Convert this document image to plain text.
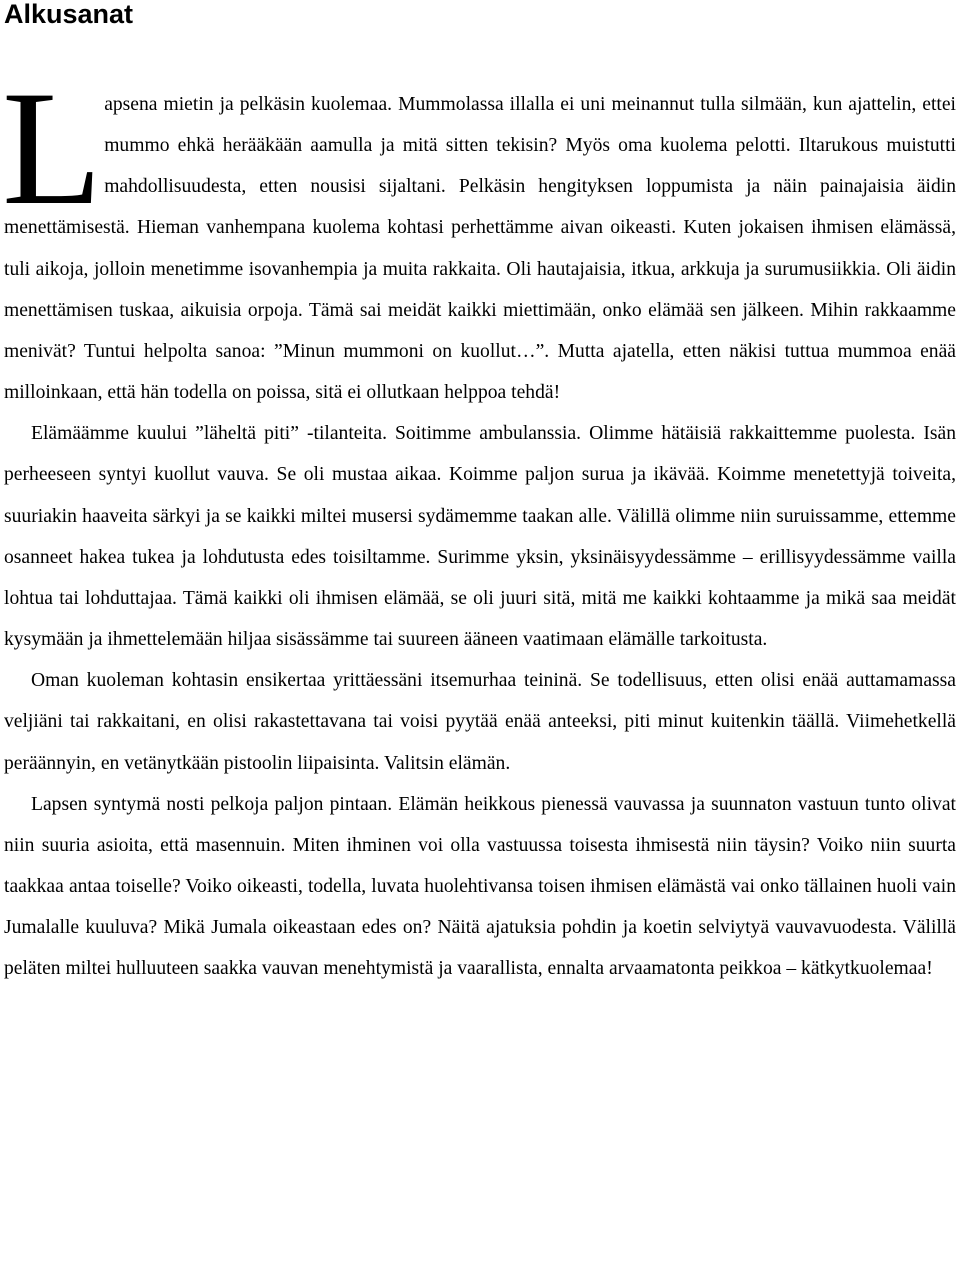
Alkusanat

Lapsena mietin ja pelkäsin kuolemaa. Mummolassa illalla ei uni meinannut tulla silmään, kun ajattelin, ettei mummo ehkä herääkään aamulla ja mitä sitten tekisin? Myös oma kuolema pelotti. Iltarukous muistutti mahdollisuudesta, etten nousisi sijaltani. Pelkäsin hengityksen loppumista ja näin painajaisia äidin menettämisestä. Hieman vanhempana kuolema kohtasi perhettämme aivan oikeasti. Kuten jokaisen ihmisen elämässä, tuli aikoja, jolloin menetimme isovanhempia ja muita rakkaita. Oli hautajaisia, itkua, arkkuja ja surumusiikkia. Oli äidin menettämisen tuskaa, aikuisia orpoja. Tämä sai meidät kaikki miettimään, onko elämää sen jälkeen. Mihin rakkaamme menivät? Tuntui helpolta sanoa: ”Minun mummoni on kuollut…”. Mutta ajatella, etten näkisi tuttua mummoa enää milloinkaan, että hän todella on poissa, sitä ei ollutkaan helppoa tehdä!

Elämäämme kuului ”läheltä piti” -tilanteita. Soitimme ambulanssia. Olimme hätäisiä rakkaittemme puolesta. Isän perheeseen syntyi kuollut vauva. Se oli mustaa aikaa. Koimme paljon surua ja ikävää. Koimme menetettyjä toiveita, suuriakin haaveita särkyi ja se kaikki miltei musersi sydämemme taakan alle. Välillä olimme niin suruissamme, ettemme osanneet hakea tukea ja lohdutusta edes toisiltamme. Surimme yksin, yksinäisyydessämme – erillisyydessämme vailla lohtua tai lohduttajaa. Tämä kaikki oli ihmisen elämää, se oli juuri sitä, mitä me kaikki kohtaamme ja mikä saa meidät kysymään ja ihmettelemään hiljaa sisässämme tai suureen ääneen vaatimaan elämälle tarkoitusta.

Oman kuoleman kohtasin ensikertaa yrittäessäni itsemurhaa teininä. Se todellisuus, etten olisi enää auttamamassa veljiäni tai rakkaitani, en olisi rakastettavana tai voisi pyytää enää anteeksi, piti minut kuitenkin täällä. Viimehetkellä peräännyin, en vetänytkään pistoolin liipaisinta. Valitsin elämän.

Lapsen syntymä nosti pelkoja paljon pintaan. Elämän heikkous pienessä vauvassa ja suunnaton vastuun tunto olivat niin suuria asioita, että masennuin. Miten ihminen voi olla vastuussa toisesta ihmisestä niin täysin? Voiko niin suurta taakkaa antaa toiselle? Voiko oikeasti, todella, luvata huolehtivansa toisen ihmisen elämästä vai onko tällainen huoli vain Jumalalle kuuluva? Mikä Jumala oikeastaan edes on? Näitä ajatuksia pohdin ja koetin selviytyä vauvavuodesta. Välillä peläten miltei hulluuteen saakka vauvan menehtymistä ja vaarallista, ennalta arvaamatonta peikkoa – kätkytkuolemaa!
